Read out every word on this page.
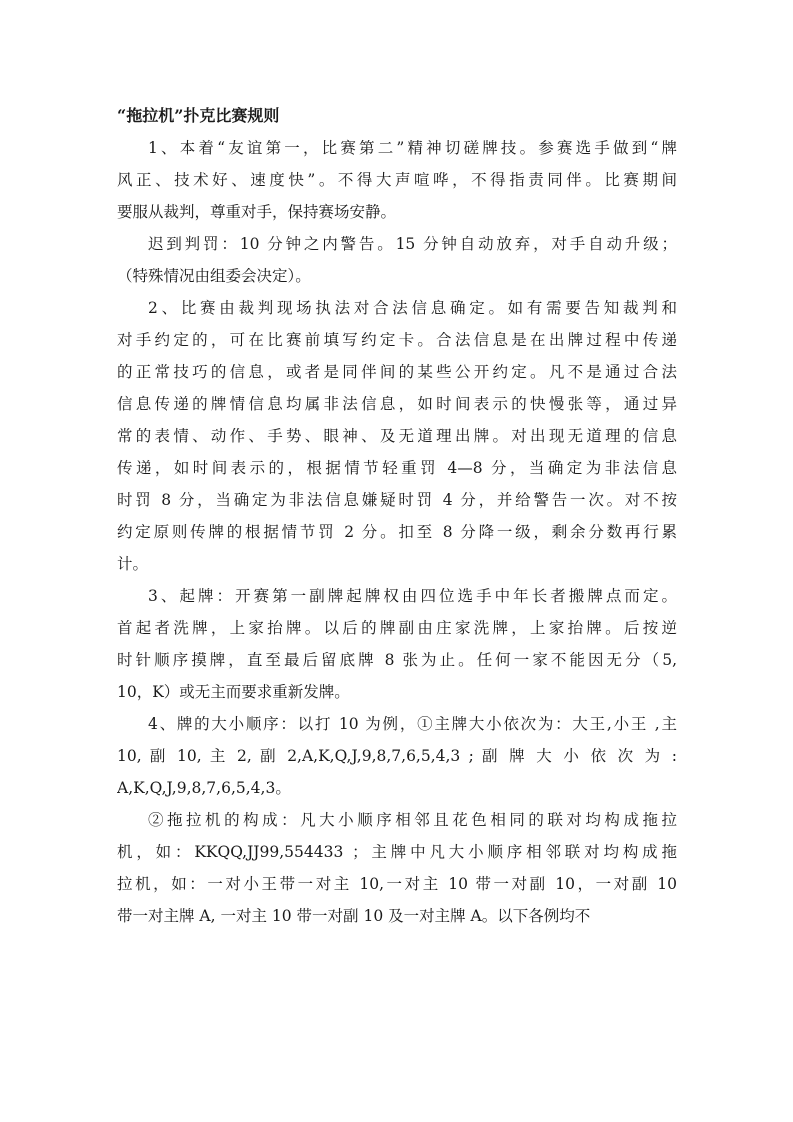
“拖拉机”扑克比赛规则
1、本着“友谊第一，比赛第二”精神切磋牌技。参赛选手做到“牌
风正、技术好、速度快”。不得大声喧哗，不得指责同伴。比赛期间
要服从裁判，尊重对手，保持赛场安静。
迟到判罚：10 分钟之内警告。15 分钟自动放弃，对手自动升级；
（特殊情况由组委会决定）。
2、比赛由裁判现场执法对合法信息确定。如有需要告知裁判和
对手约定的，可在比赛前填写约定卡。合法信息是在出牌过程中传递
的正常技巧的信息，或者是同伴间的某些公开约定。凡不是通过合法
信息传递的牌情信息均属非法信息，如时间表示的快慢张等，通过异
常的表情、动作、手势、眼神、及无道理出牌。对出现无道理的信息
传递，如时间表示的，根据情节轻重罚 4—8 分，当确定为非法信息
时罚 8 分，当确定为非法信息嫌疑时罚 4 分，并给警告一次。对不按
约定原则传牌的根据情节罚 2 分。扣至 8 分降一级，剩余分数再行累
计。
3、起牌：开赛第一副牌起牌权由四位选手中年长者搬牌点而定。
首起者洗牌，上家抬牌。以后的牌副由庄家洗牌，上家抬牌。后按逆
时针顺序摸牌，直至最后留底牌 8 张为止。任何一家不能因无分（5,
10，K）或无主而要求重新发牌。
4、牌的大小顺序：以打 10 为例，①主牌大小依次为：大王,小王 ,主
10, 副 10, 主 2, 副 2,A,K,Q,J,9,8,7,6,5,4,3 ; 副 牌 大 小 依 次 为 :
A,K,Q,J,9,8,7,6,5,4,3。
②拖拉机的构成：凡大小顺序相邻且花色相同的联对均构成拖拉
机，如：KKQQ,JJ99,554433 ；主牌中凡大小顺序相邻联对均构成拖
拉机，如：一对小王带一对主 10,一对主 10 带一对副 10，一对副 10
带一对主牌 A, 一对主 10 带一对副 10 及一对主牌 A。以下各例均不
